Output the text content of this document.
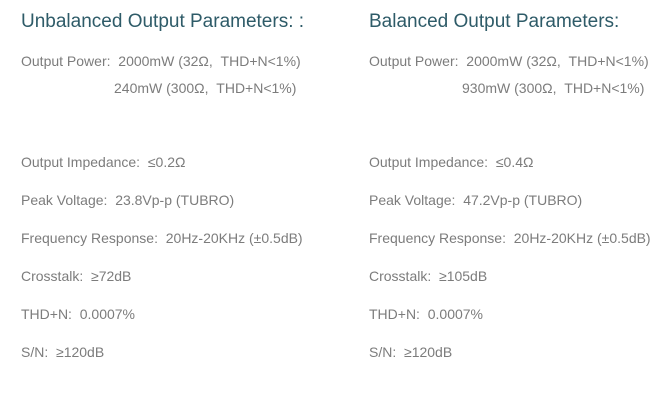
Unbalanced Output Parameters: :
Output Power:  2000mW (32Ω,  THD+N<1%)
240mW (300Ω,  THD+N<1%)
Output Impedance:  ≤0.2Ω
Peak Voltage:  23.8Vp-p (TUBRO)
Frequency Response:  20Hz-20KHz (±0.5dB)
Crosstalk:  ≥72dB
THD+N:  0.0007%
S/N:  ≥120dB
Balanced Output Parameters:
Output Power:  2000mW (32Ω,  THD+N<1%)
930mW (300Ω,  THD+N<1%)
Output Impedance:  ≤0.4Ω
Peak Voltage:  47.2Vp-p (TUBRO)
Frequency Response:  20Hz-20KHz (±0.5dB)
Crosstalk:  ≥105dB
THD+N:  0.0007%
S/N:  ≥120dB
